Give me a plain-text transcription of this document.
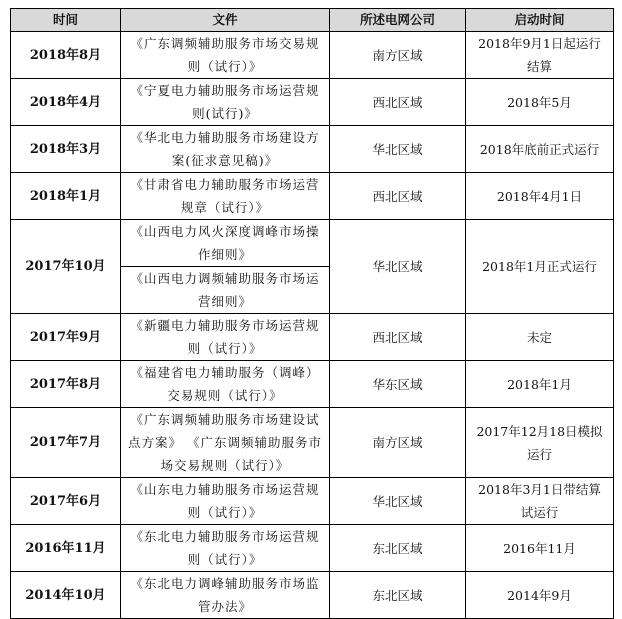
时间	文件	所述电网公司	启动时间
2018年8月	《广东调频辅助服务市场交易规则（试行）》	南方区域	2018年9月1日起运行结算
2018年4月	《宁夏电力辅助服务市场运营规则(试行)》	西北区域	2018年5月
2018年3月	《华北电力辅助服务市场建设方案(征求意见稿)》	华北区域	2018年底前正式运行
2018年1月	《甘肃省电力辅助服务市场运营规章（试行）》	西北区域	2018年4月1日
2017年10月	《山西电力风火深度调峰市场操作细则》	华北区域	2018年1月正式运行
	《山西电力调频辅助服务市场运营细则》		
2017年9月	《新疆电力辅助服务市场运营规则（试行）》	西北区域	未定
2017年8月	《福建省电力辅助服务（调峰）交易规则（试行）》	华东区域	2018年1月
2017年7月	《广东调频辅助服务市场建设试点方案》 《广东调频辅助服务市场交易规则（试行）》	南方区域	2017年12月18日模拟运行
2017年6月	《山东电力辅助服务市场运营规则（试行）》	华北区域	2018年3月1日带结算试运行
2016年11月	《东北电力辅助服务市场运营规则（试行）》	东北区域	2016年11月
2014年10月	《东北电力调峰辅助服务市场监管办法》	东北区域	2014年9月
